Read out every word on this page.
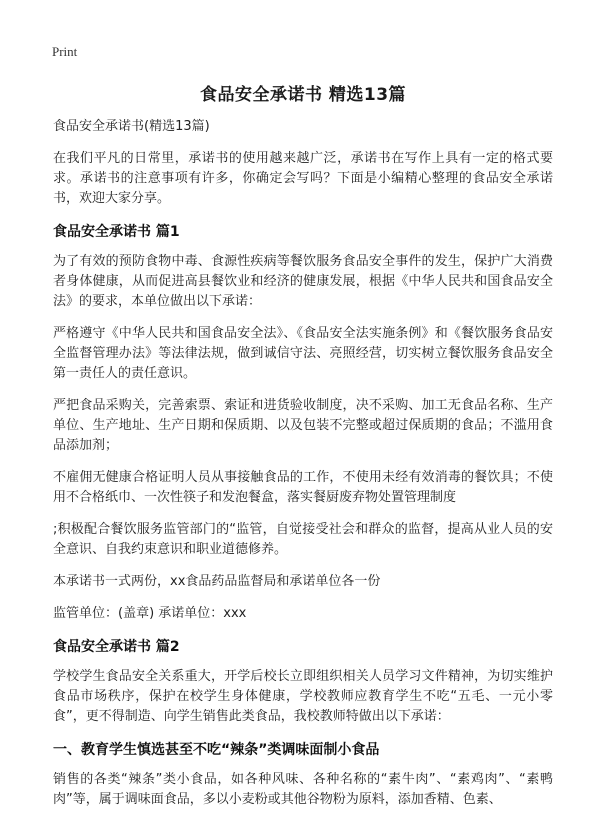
Print
食品安全承诺书 精选13篇
食品安全承诺书(精选13篇)

在我们平凡的日常里，承诺书的使用越来越广泛，承诺书在写作上具有一定的格式要求。承诺书的注意事项有许多，你确定会写吗？下面是小编精心整理的食品安全承诺书，欢迎大家分享。

食品安全承诺书 篇1

为了有效的预防食物中毒、食源性疾病等餐饮服务食品安全事件的发生，保护广大消费者身体健康，从而促进高县餐饮业和经济的健康发展，根据《中华人民共和国食品安全法》的要求，本单位做出以下承诺：

严格遵守《中华人民共和国食品安全法》、《食品安全法实施条例》和《餐饮服务食品安全监督管理办法》等法律法规，做到诚信守法、亮照经营，切实树立餐饮服务食品安全第一责任人的责任意识。

严把食品采购关，完善索票、索证和进货验收制度，决不采购、加工无食品名称、生产单位、生产地址、生产日期和保质期、以及包装不完整或超过保质期的食品；不滥用食品添加剂；

不雇佣无健康合格证明人员从事接触食品的工作，不使用未经有效消毒的餐饮具；不使用不合格纸巾、一次性筷子和发泡餐盒，落实餐厨废弃物处置管理制度

;积极配合餐饮服务监管部门的“监管，自觉接受社会和群众的监督，提高从业人员的安全意识、自我约束意识和职业道德修养。

本承诺书一式两份，xx食品药品监督局和承诺单位各一份

监管单位：(盖章) 承诺单位：xxx

食品安全承诺书 篇2

学校学生食品安全关系重大，开学后校长立即组织相关人员学习文件精神，为切实维护食品市场秩序，保护在校学生身体健康，学校教师应教育学生不吃“五毛、一元小零食”，更不得制造、向学生销售此类食品，我校教师特做出以下承诺：

一、教育学生慎选甚至不吃“辣条”类调味面制小食品

销售的各类“辣条”类小食品，如各种风味、各种名称的“素牛肉”、“素鸡肉”、“素鸭肉”等，属于调味面食品，多以小麦粉或其他谷物粉为原料，添加香精、色素、
